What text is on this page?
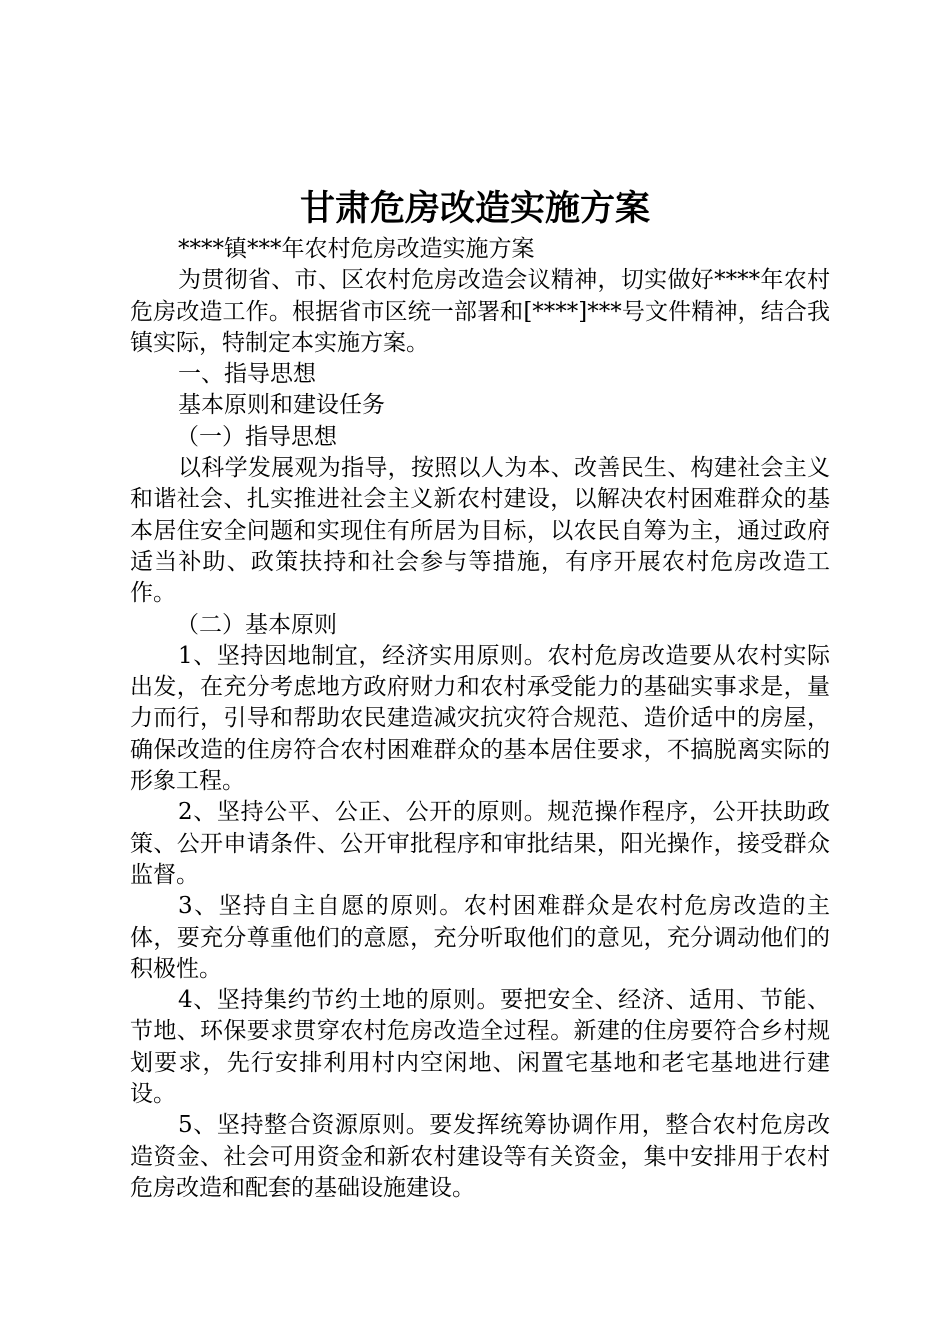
甘肃危房改造实施方案

****镇***年农村危房改造实施方案

为贯彻省、市、区农村危房改造会议精神，切实做好****年农村危房改造工作。根据省市区统一部署和[****]***号文件精神，结合我镇实际，特制定本实施方案。

一、指导思想

基本原则和建设任务

（一）指导思想

以科学发展观为指导，按照以人为本、改善民生、构建社会主义和谐社会、扎实推进社会主义新农村建设，以解决农村困难群众的基本居住安全问题和实现住有所居为目标，以农民自筹为主，通过政府适当补助、政策扶持和社会参与等措施，有序开展农村危房改造工作。

（二）基本原则

1、坚持因地制宜，经济实用原则。农村危房改造要从农村实际出发，在充分考虑地方政府财力和农村承受能力的基础实事求是，量力而行，引导和帮助农民建造减灾抗灾符合规范、造价适中的房屋，确保改造的住房符合农村困难群众的基本居住要求，不搞脱离实际的形象工程。

2、坚持公平、公正、公开的原则。规范操作程序，公开扶助政策、公开申请条件、公开审批程序和审批结果，阳光操作，接受群众监督。

3、坚持自主自愿的原则。农村困难群众是农村危房改造的主体，要充分尊重他们的意愿，充分听取他们的意见，充分调动他们的积极性。

4、坚持集约节约土地的原则。要把安全、经济、适用、节能、节地、环保要求贯穿农村危房改造全过程。新建的住房要符合乡村规划要求，先行安排利用村内空闲地、闲置宅基地和老宅基地进行建设。

5、坚持整合资源原则。要发挥统筹协调作用，整合农村危房改造资金、社会可用资金和新农村建设等有关资金，集中安排用于农村危房改造和配套的基础设施建设。
